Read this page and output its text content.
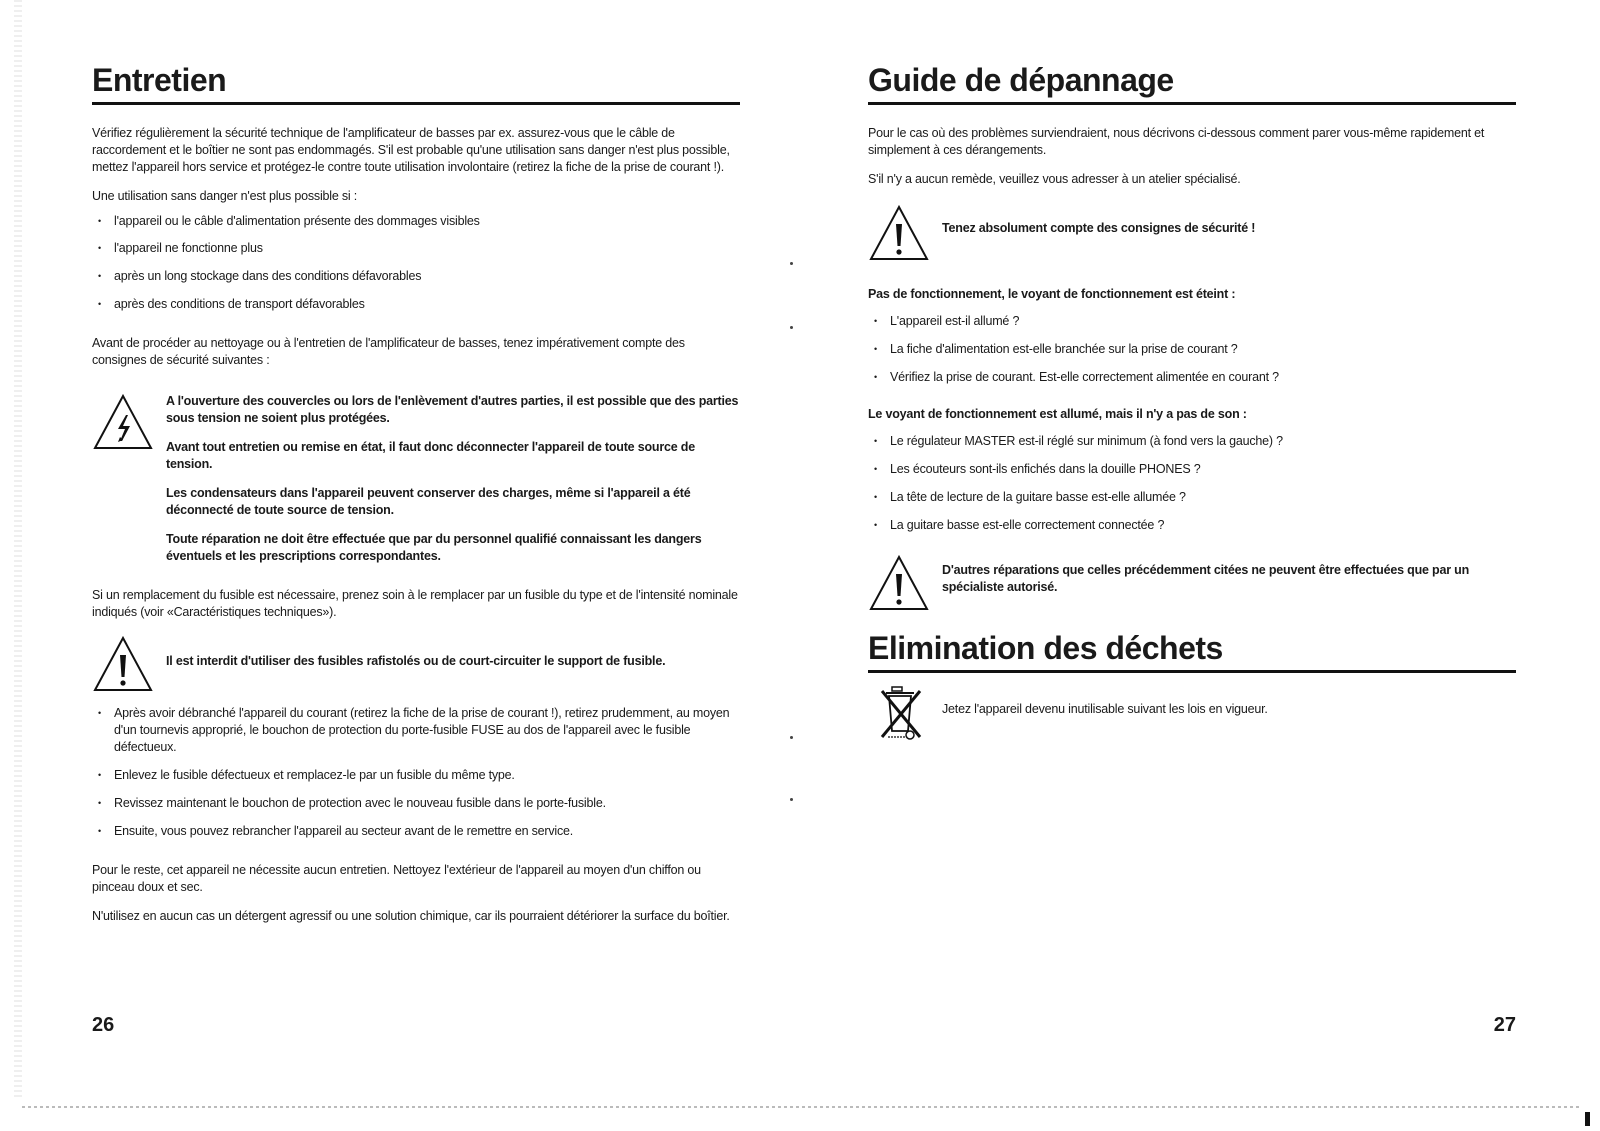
Entretien

Vérifiez régulièrement la sécurité technique de l'amplificateur de basses par ex. assurez-vous que le câble de raccordement et le boîtier ne sont pas endommagés. S'il est probable qu'une utilisation sans danger n'est plus possible, mettez l'appareil hors service et protégez-le contre toute utilisation involontaire (retirez la fiche de la prise de courant !).

Une utilisation sans danger n'est plus possible si :

• l'appareil ou le câble d'alimentation présente des dommages visibles
• l'appareil ne fonctionne plus
• après un long stockage dans des conditions défavorables
• après des conditions de transport défavorables

Avant de procéder au nettoyage ou à l'entretien de l'amplificateur de basses, tenez impérativement compte des consignes de sécurité suivantes :

A l'ouverture des couvercles ou lors de l'enlèvement d'autres parties, il est possible que des parties sous tension ne soient plus protégées.

Avant tout entretien ou remise en état, il faut donc déconnecter l'appareil de toute source de tension.

Les condensateurs dans l'appareil peuvent conserver des charges, même si l'appareil a été déconnecté de toute source de tension.

Toute réparation ne doit être effectuée que par du personnel qualifié connaissant les dangers éventuels et les prescriptions correspondantes.

Si un remplacement du fusible est nécessaire, prenez soin à le remplacer par un fusible du type et de l'intensité nominale indiqués (voir «Caractéristiques techniques»).

Il est interdit d'utiliser des fusibles rafistolés ou de court-circuiter le support de fusible.

• Après avoir débranché l'appareil du courant (retirez la fiche de la prise de courant !), retirez prudemment, au moyen d'un tournevis approprié, le bouchon de protection du porte-fusible FUSE au dos de l'appareil avec le fusible défectueux.
• Enlevez le fusible défectueux et remplacez-le par un fusible du même type.
• Revissez maintenant le bouchon de protection avec le nouveau fusible dans le porte-fusible.
• Ensuite, vous pouvez rebrancher l'appareil au secteur avant de le remettre en service.

Pour le reste, cet appareil ne nécessite aucun entretien. Nettoyez l'extérieur de l'appareil au moyen d'un chiffon ou pinceau doux et sec.

N'utilisez en aucun cas un détergent agressif ou une solution chimique, car ils pourraient détériorer la surface du boîtier.

26
Guide de dépannage

Pour le cas où des problèmes surviendraient, nous décrivons ci-dessous comment parer vous-même rapidement et simplement à ces dérangements.

S'il n'y a aucun remède, veuillez vous adresser à un atelier spécialisé.

Tenez absolument compte des consignes de sécurité !

Pas de fonctionnement, le voyant de fonctionnement est éteint :

• L'appareil est-il allumé ?
• La fiche d'alimentation est-elle branchée sur la prise de courant ?
• Vérifiez la prise de courant. Est-elle correctement alimentée en courant ?

Le voyant de fonctionnement est allumé, mais il n'y a pas de son :

• Le régulateur MASTER est-il réglé sur minimum (à fond vers la gauche) ?
• Les écouteurs sont-ils enfichés dans la douille PHONES ?
• La tête de lecture de la guitare basse est-elle allumée ?
• La guitare basse est-elle correctement connectée ?

D'autres réparations que celles précédemment citées ne peuvent être effectuées que par un spécialiste autorisé.

Elimination des déchets

Jetez l'appareil devenu inutilisable suivant les lois en vigueur.

27
